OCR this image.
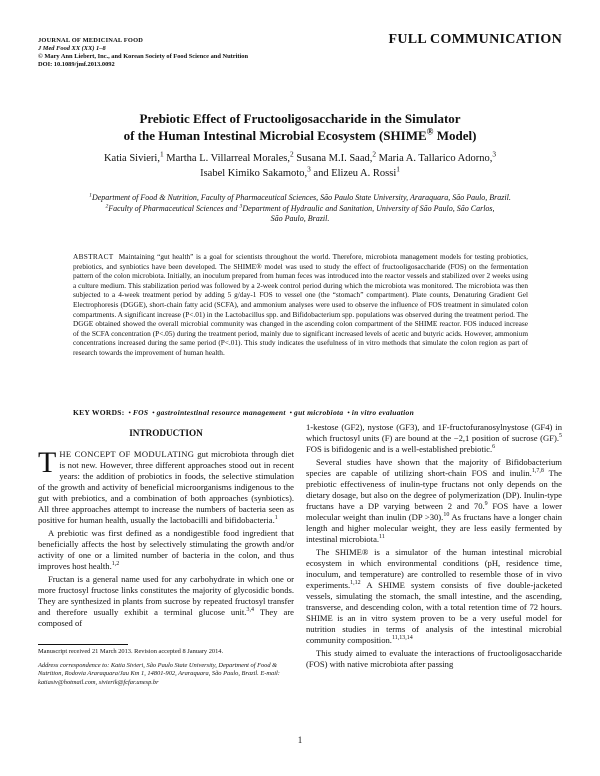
JOURNAL OF MEDICINAL FOOD
J Med Food XX (XX) 1–8
© Mary Ann Liebert, Inc., and Korean Society of Food Science and Nutrition
DOI: 10.1089/jmf.2013.0092
FULL COMMUNICATION
Prebiotic Effect of Fructooligosaccharide in the Simulator
of the Human Intestinal Microbial Ecosystem (SHIME® Model)
Katia Sivieri,$^1$ Martha L. Villarreal Morales,$^2$ Susana M.I. Saad,$^2$ Maria A. Tallarico Adorno,$^3$
Isabel Kimiko Sakamoto,$^3$ and Elizeu A. Rossi$^1$
$^1$Department of Food & Nutrition, Faculty of Pharmaceutical Sciences, São Paulo State University, Araraquara, São Paulo, Brazil.
$^2$Faculty of Pharmaceutical Sciences and $^3$Department of Hydraulic and Sanitation, University of São Paulo, São Carlos,
São Paulo, Brazil.
ABSTRACT Maintaining “gut health” is a goal for scientists throughout the world. Therefore, microbiota management models for testing probiotics, prebiotics, and synbiotics have been developed. The SHIME® model was used to study the effect of fructooligosaccharide (FOS) on the fermentation pattern of the colon microbiota. Initially, an inoculum prepared from human feces was introduced into the reactor vessels and stabilized over 2 weeks using a culture medium. This stabilization period was followed by a 2-week control period during which the microbiota was monitored. The microbiota was then subjected to a 4-week treatment period by adding 5 g/day-1 FOS to vessel one (the “stomach” compartment). Plate counts, Denaturing Gradient Gel Electrophoresis (DGGE), short-chain fatty acid (SCFA), and ammonium analyses were used to observe the influence of FOS treatment in simulated colon compartments. A significant increase (P<.01) in the Lactobacillus spp. and Bifidobacterium spp. populations was observed during the treatment period. The DGGE obtained showed the overall microbial community was changed in the ascending colon compartment of the SHIME reactor. FOS induced increase of the SCFA concentration (P<.05) during the treatment period, mainly due to significant increased levels of acetic and butyric acids. However, ammonium concentrations increased during the same period (P<.01). This study indicates the usefulness of in vitro methods that simulate the colon region as part of research towards the improvement of human health.
KEY WORDS:  • FOS  • gastrointestinal resource management  • gut microbiota  • in vitro evaluation

INTRODUCTION

THE CONCEPT OF MODULATING gut microbiota through diet is not new. However, three different approaches stood out in recent years: the addition of probiotics in foods, the selective stimulation of the growth and activity of beneficial microorganisms indigenous to the gut with prebiotics, and a combination of both approaches (synbiotics). All three approaches attempt to increase the numbers of bacteria seen as positive for human health, usually the lactobacilli and bifidobacteria.$^1$

A prebiotic was first defined as a nondigestible food ingredient that beneficially affects the host by selectively stimulating the growth and/or activity of one or a limited number of bacteria in the colon, and thus improves host health.$^{1,2}$

Fructan is a general name used for any carbohydrate in which one or more fructosyl fructose links constitutes the majority of glycosidic bonds. They are synthesized in plants from sucrose by repeated fructosyl transfer and therefore usually exhibit a terminal glucose unit.$^{3,4}$ They are composed of

1-kestose (GF2), nystose (GF3), and 1F-fructofuranosylnystose (GF4) in which fructosyl units (F) are bound at the −2,1 position of sucrose (GF).$^5$ FOS is bifidogenic and is a well-established prebiotic.$^6$

Several studies have shown that the majority of Bifidobacterium species are capable of utilizing short-chain FOS and inulin.$^{1,7,8}$ The prebiotic effectiveness of inulin-type fructans not only depends on the dietary dosage, but also on the degree of polymerization (DP). Inulin-type fructans have a DP varying between 2 and 70.$^9$ FOS have a lower molecular weight than inulin (DP >30).$^{10}$ As fructans have a longer chain length and higher molecular weight, they are less easily fermented by intestinal microbiota.$^{11}$

The SHIME® is a simulator of the human intestinal microbial ecosystem in which environmental conditions (pH, residence time, inoculum, and temperature) are controlled to resemble those of in vivo experiments.$^{1,12}$ A SHIME system consists of five double-jacketed vessels, simulating the stomach, the small intestine, and the ascending, transverse, and descending colon, with a total retention time of 72 hours. SHIME is an in vitro system proven to be a very useful model for nutrition studies in terms of analysis of the intestinal microbial community composition.$^{11,13,14}$

This study aimed to evaluate the interactions of fructooligosaccharide (FOS) with native microbiota after passing

Manuscript received 21 March 2013. Revision accepted 8 January 2014.
Address correspondence to: Katia Sivieri, São Paulo State University, Department of Food & Nutrition, Rodovia Araraquara/Jau Km 1, 14801-902, Araraquara, São Paulo, Brazil. E-mail: katiasiv@hotmail.com, sivierik@fcfar.unesp.br
1
